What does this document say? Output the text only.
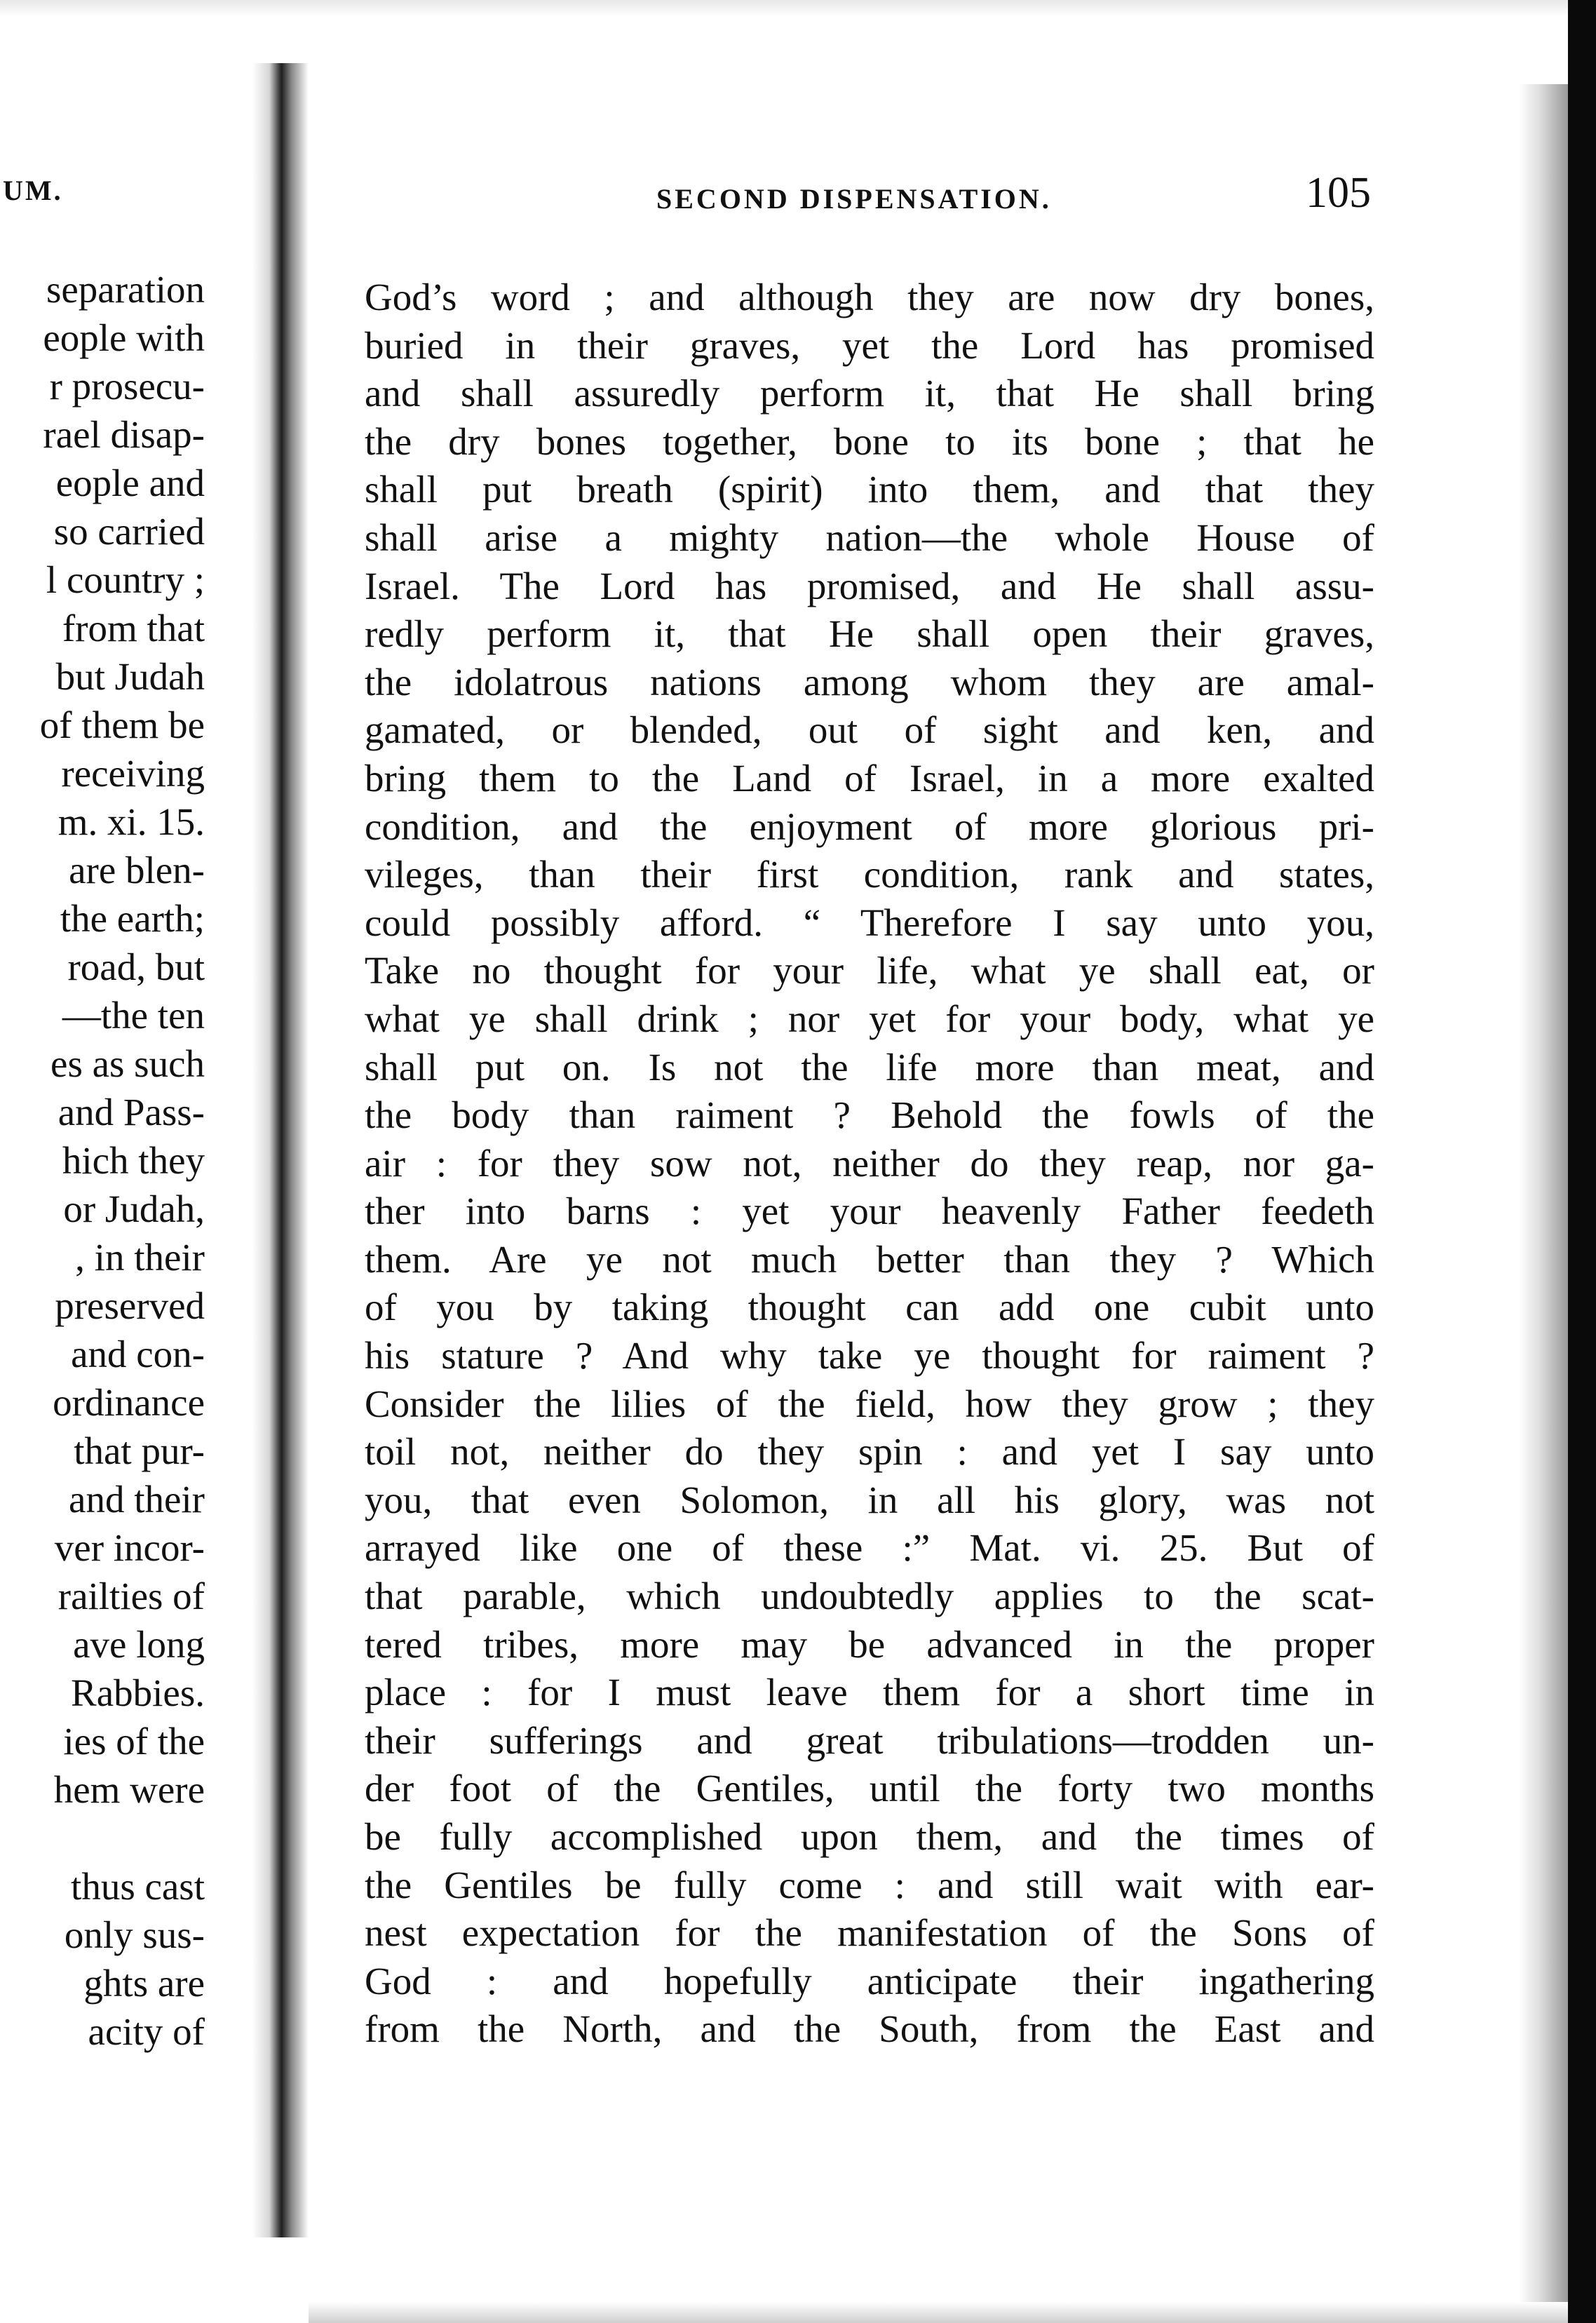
UM.
separation
eople with
r prosecu-
rael disap-
eople and
so carried
l country ;
from that
but Judah
of them be
receiving
m. xi. 15.
are blen-
the earth;
road, but
—the ten
es as such
and Pass-
hich they
or Judah,
, in their
preserved
and con-
ordinance
that pur-
and their
ver incor-
railties of
ave long
Rabbies.
ies of the
hem were
thus cast
only sus-
ghts are
acity of
SECOND DISPENSATION.	105
God’s word ; and although they are now dry bones,
buried in their graves, yet the Lord has promised
and shall assuredly perform it, that He shall bring
the dry bones together, bone to its bone ; that he
shall put breath (spirit) into them, and that they
shall arise a mighty nation—the whole House of
Israel. The Lord has promised, and He shall assu-
redly perform it, that He shall open their graves,
the idolatrous nations among whom they are amal-
gamated, or blended, out of sight and ken, and
bring them to the Land of Israel, in a more exalted
condition, and the enjoyment of more glorious pri-
vileges, than their first condition, rank and states,
could possibly afford. “ Therefore I say unto you,
Take no thought for your life, what ye shall eat, or
what ye shall drink ; nor yet for your body, what ye
shall put on. Is not the life more than meat, and
the body than raiment ? Behold the fowls of the
air : for they sow not, neither do they reap, nor ga-
ther into barns : yet your heavenly Father feedeth
them. Are ye not much better than they ? Which
of you by taking thought can add one cubit unto
his stature ? And why take ye thought for raiment ?
Consider the lilies of the field, how they grow ; they
toil not, neither do they spin : and yet I say unto
you, that even Solomon, in all his glory, was not
arrayed like one of these :” Mat. vi. 25. But of
that parable, which undoubtedly applies to the scat-
tered tribes, more may be advanced in the proper
place : for I must leave them for a short time in
their sufferings and great tribulations—trodden un-
der foot of the Gentiles, until the forty two months
be fully accomplished upon them, and the times of
the Gentiles be fully come : and still wait with ear-
nest expectation for the manifestation of the Sons of
God : and hopefully anticipate their ingathering
from the North, and the South, from the East and
